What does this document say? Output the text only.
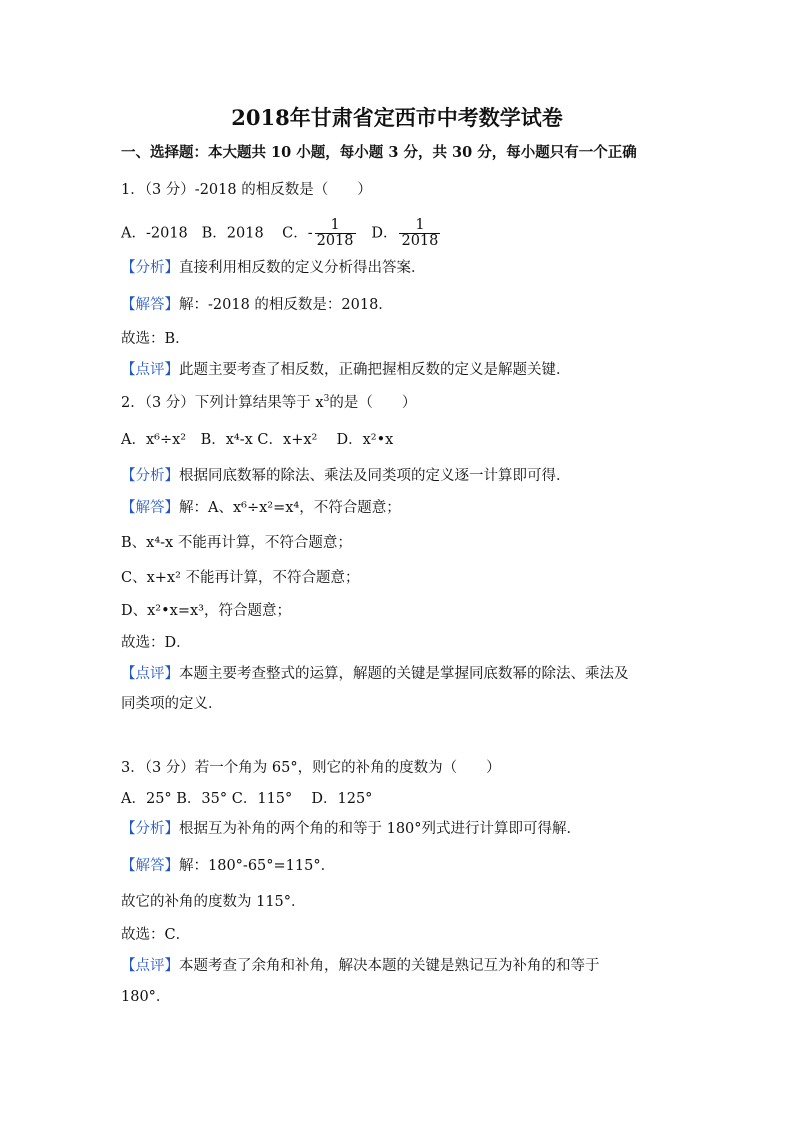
2018年甘肃省定西市中考数学试卷
一、选择题：本大题共 10 小题，每小题 3 分，共 30 分，每小题只有一个正确
1．（3 分）-2018 的相反数是（　　）
A．-2018 B．2018 C．- $\frac{1}{2018}$ D． $\frac{1}{2018}$
【分析】直接利用相反数的定义分析得出答案．
【解答】解：-2018 的相反数是：2018．
故选：B．
【点评】此题主要考查了相反数，正确把握相反数的定义是解题关键．
2．（3 分）下列计算结果等于 $x^3$的是（　　）
A．x⁶÷x²　B．x⁴-x C．x+x²　 D．x²•x
【分析】根据同底数幂的除法、乘法及同类项的定义逐一计算即可得．
【解答】解：A、x⁶÷x²=x⁴，不符合题意；
B、x⁴-x 不能再计算，不符合题意；
C、x+x² 不能再计算，不符合题意；
D、x²•x=x³，符合题意；
故选：D．
【点评】本题主要考查整式的运算，解题的关键是掌握同底数幂的除法、乘法及
同类项的定义．
3．（3 分）若一个角为 65°，则它的补角的度数为（　　）
A．25° B．35° C．115°　 D．125°
【分析】根据互为补角的两个角的和等于 180°列式进行计算即可得解．
【解答】解：180°-65°=115°．
故它的补角的度数为 115°．
故选：C．
【点评】本题考查了余角和补角，解决本题的关键是熟记互为补角的和等于
180°．
